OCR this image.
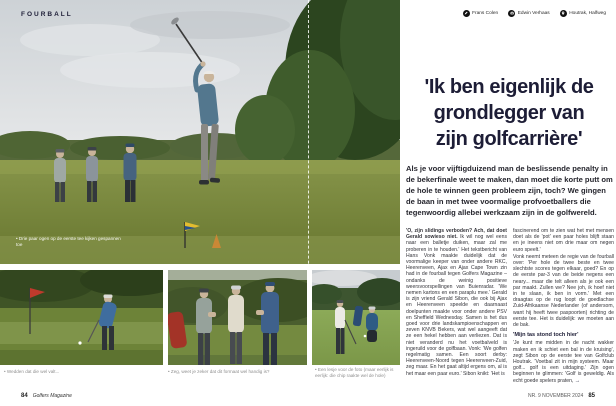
• Drie paar ogen op de eerste tee kijken gespannen toe
FOURBALL
• Wedden dat die wel valt...	• Zeg, weet je zeker dat dit formaat wel handig is?	• Een lesje voor de foto (maar eerlijk is eerlijk: die chip raakte wel de hole)
Frans Colen	Edwin Verhaas	Houtrak, Halfweg
'Ik ben eigenlijk de
grondlegger van
zijn golfcarrière'
Als je voor vijftigduizend man de beslissende penalty in de bekerfinale weet te maken, dan moet die korte putt om de hole te winnen geen probleem zijn, toch? We gingen de baan in met twee voormalige profvoetballers die tegenwoordig allebei werkzaam zijn in de golfwereld.

'O, zijn slidings verboden? Ach, dat doet Gerald sowieso niet. Ik wil nog wel eens naar een balletje duiken, maar zal me proberen in te houden.' Het tekstbericht van Hans Vonk maakte duidelijk dat de voormalige keeper van onder andere RKC, Heerenveen, Ajax en Ajax Cape Town zin had in de fourball tegen Golfers Magazine – ondanks de weinig positieve weersvoorspellingen van Buienradar. 'We nemen kartons en een paraplu mee.' Gerald is zijn vriend Gerald Sibon, die ook bij Ajax en Heerenveen speelde en daarnaast doelpunten maakte voor onder andere PSV en Sheffield Wednesday. Samen is het dus goed voor drie landskampioenschappen en zeven KNVB Bekers, wat wel aangeeft dat ze een hekel hebben aan verliezen. Dat is niet veranderd nu het voetbalveld is ingeruild voor de golfbaan. Vonk: 'We golfen regelmatig samen. Een soort derby: Heerenveen-Noord tegen Heerenveen-Zuid, zeg maar. En het gaat altijd ergens om, al is het maar een paar euro.' Sibon knikt: 'Het is

fascinerend om te zien wat het met mensen doet als de 'pot' een paar holes blijft staan en je ineens niet om drie maar om negen euro speelt.'

Vonk neemt meteen de regie van de fourball over: 'Per hole de twee beste en twee slechtste scores tegen elkaar, goed? En op de eerste par-3 van de beide negens een neary... maar die telt alleen als je ook een par maakt. Zullen we? Nee joh, ik hoef niet in te slaan, ik ben in vorm.' Met een draagtas op de rug loopt de goedlachse Zuid-Afrikaanse Nederlander (of andersom, want hij heeft twee paspoorten) richting de eerste tee. Het is duidelijk: we moeten aan de bak.

'Mijn tas stond toch hier'

'Je kunt me midden in de nacht wakker maken en ik schiet een bal in de kruising', zegt Sibon op de eerste tee van Golfclub Houtrak. 'Voetbal zit in mijn systeem. Maar golf... golf is een uitdaging.' Zijn ogen beginnen te glimmen: 'Golf is geweldig. Als echt goede spelers praten, →

84 Golfers Magazine	NR. 9 NOVEMBER 2024 85
